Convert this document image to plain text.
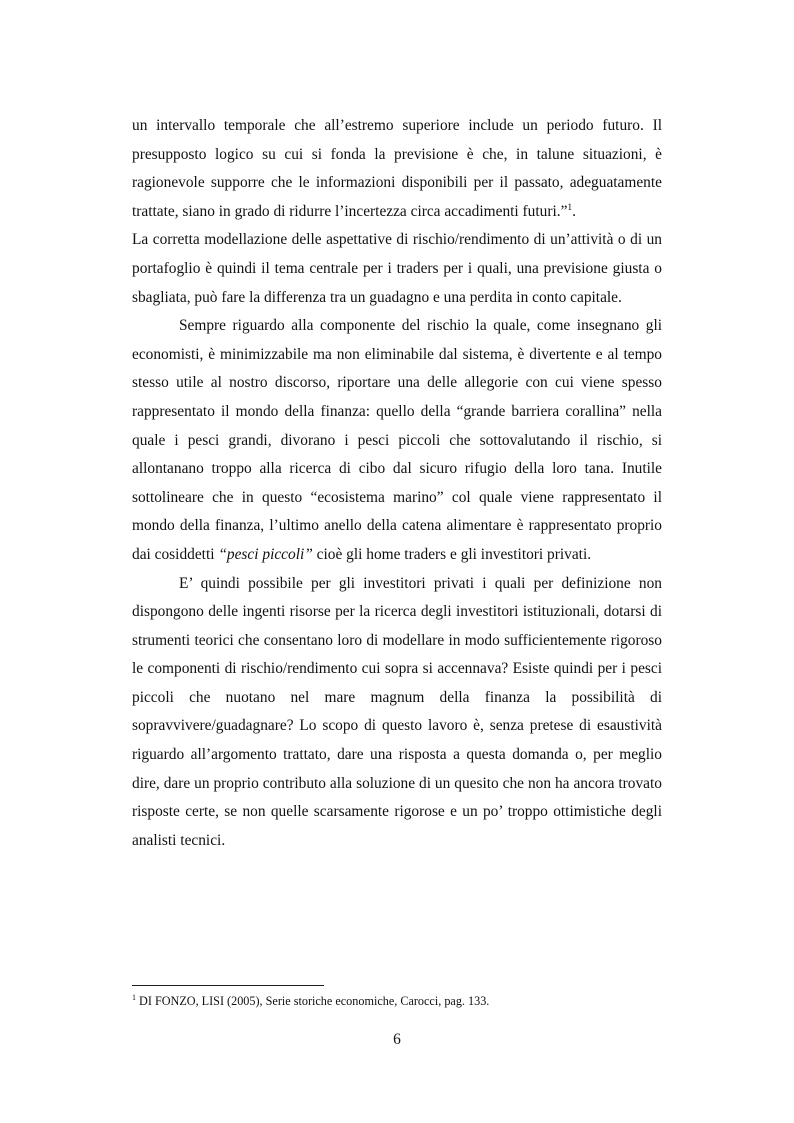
un intervallo temporale che all’estremo superiore include un periodo futuro. Il presupposto logico su cui si fonda la previsione è che, in talune situazioni, è ragionevole supporre che le informazioni disponibili per il passato, adeguatamente trattate, siano in grado di ridurre l’incertezza circa accadimenti futuri.”$^1$.

La corretta modellazione delle aspettative di rischio/rendimento di un’attività o di un portafoglio è quindi il tema centrale per i traders per i quali, una previsione giusta o sbagliata, può fare la differenza tra un guadagno e una perdita in conto capitale.

Sempre riguardo alla componente del rischio la quale, come insegnano gli economisti, è minimizzabile ma non eliminabile dal sistema, è divertente e al tempo stesso utile al nostro discorso, riportare una delle allegorie con cui viene spesso rappresentato il mondo della finanza: quello della “grande barriera corallina” nella quale i pesci grandi, divorano i pesci piccoli che sottovalutando il rischio, si allontanano troppo alla ricerca di cibo dal sicuro rifugio della loro tana. Inutile sottolineare che in questo “ecosistema marino” col quale viene rappresentato il mondo della finanza, l’ultimo anello della catena alimentare è rappresentato proprio dai cosiddetti “pesci piccoli” cioè gli home traders e gli investitori privati.

E’ quindi possibile per gli investitori privati i quali per definizione non dispongono delle ingenti risorse per la ricerca degli investitori istituzionali, dotarsi di strumenti teorici che consentano loro di modellare in modo sufficientemente rigoroso le componenti di rischio/rendimento cui sopra si accennava? Esiste quindi per i pesci piccoli che nuotano nel mare magnum della finanza la possibilità di sopravvivere/guadagnare? Lo scopo di questo lavoro è, senza pretese di esaustività riguardo all’argomento trattato, dare una risposta a questa domanda o, per meglio dire, dare un proprio contributo alla soluzione di un quesito che non ha ancora trovato risposte certe, se non quelle scarsamente rigorose e un po’ troppo ottimistiche degli analisti tecnici.

$^1$ DI FONZO, LISI (2005), Serie storiche economiche, Carocci, pag. 133.
6
